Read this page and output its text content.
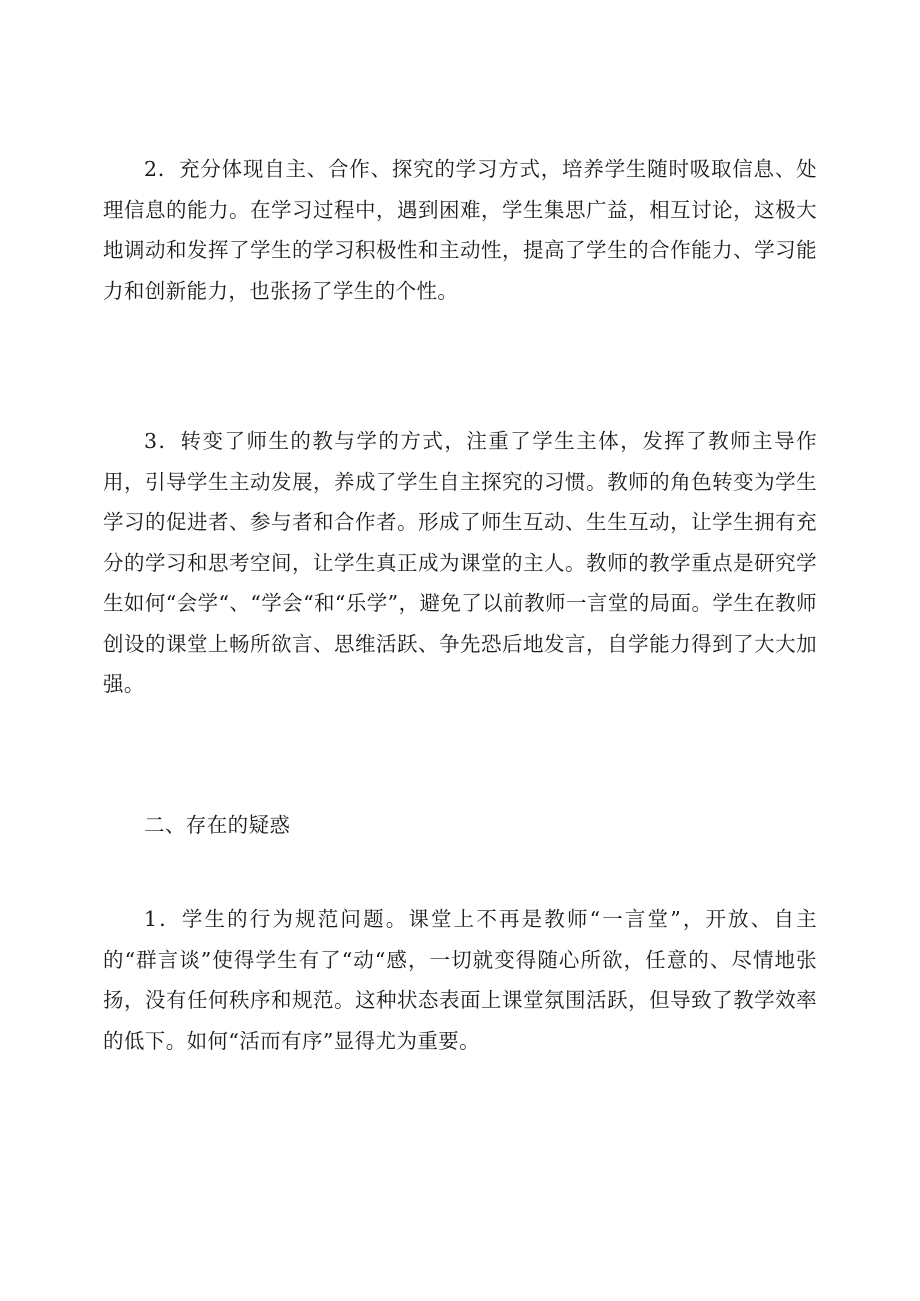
2．充分体现自主、合作、探究的学习方式，培养学生随时吸取信息、处理信息的能力。在学习过程中，遇到困难，学生集思广益，相互讨论，这极大地调动和发挥了学生的学习积极性和主动性，提高了学生的合作能力、学习能力和创新能力，也张扬了学生的个性。

3．转变了师生的教与学的方式，注重了学生主体，发挥了教师主导作用，引导学生主动发展，养成了学生自主探究的习惯。教师的角色转变为学生学习的促进者、参与者和合作者。形成了师生互动、生生互动，让学生拥有充分的学习和思考空间，让学生真正成为课堂的主人。教师的教学重点是研究学生如何“会学“、“学会“和“乐学”，避免了以前教师一言堂的局面。学生在教师创设的课堂上畅所欲言、思维活跃、争先恐后地发言，自学能力得到了大大加强。

二、存在的疑惑

1．学生的行为规范问题。课堂上不再是教师“一言堂”，开放、自主的“群言谈”使得学生有了“动“感，一切就变得随心所欲，任意的、尽情地张扬，没有任何秩序和规范。这种状态表面上课堂氛围活跃，但导致了教学效率的低下。如何“活而有序”显得尤为重要。
